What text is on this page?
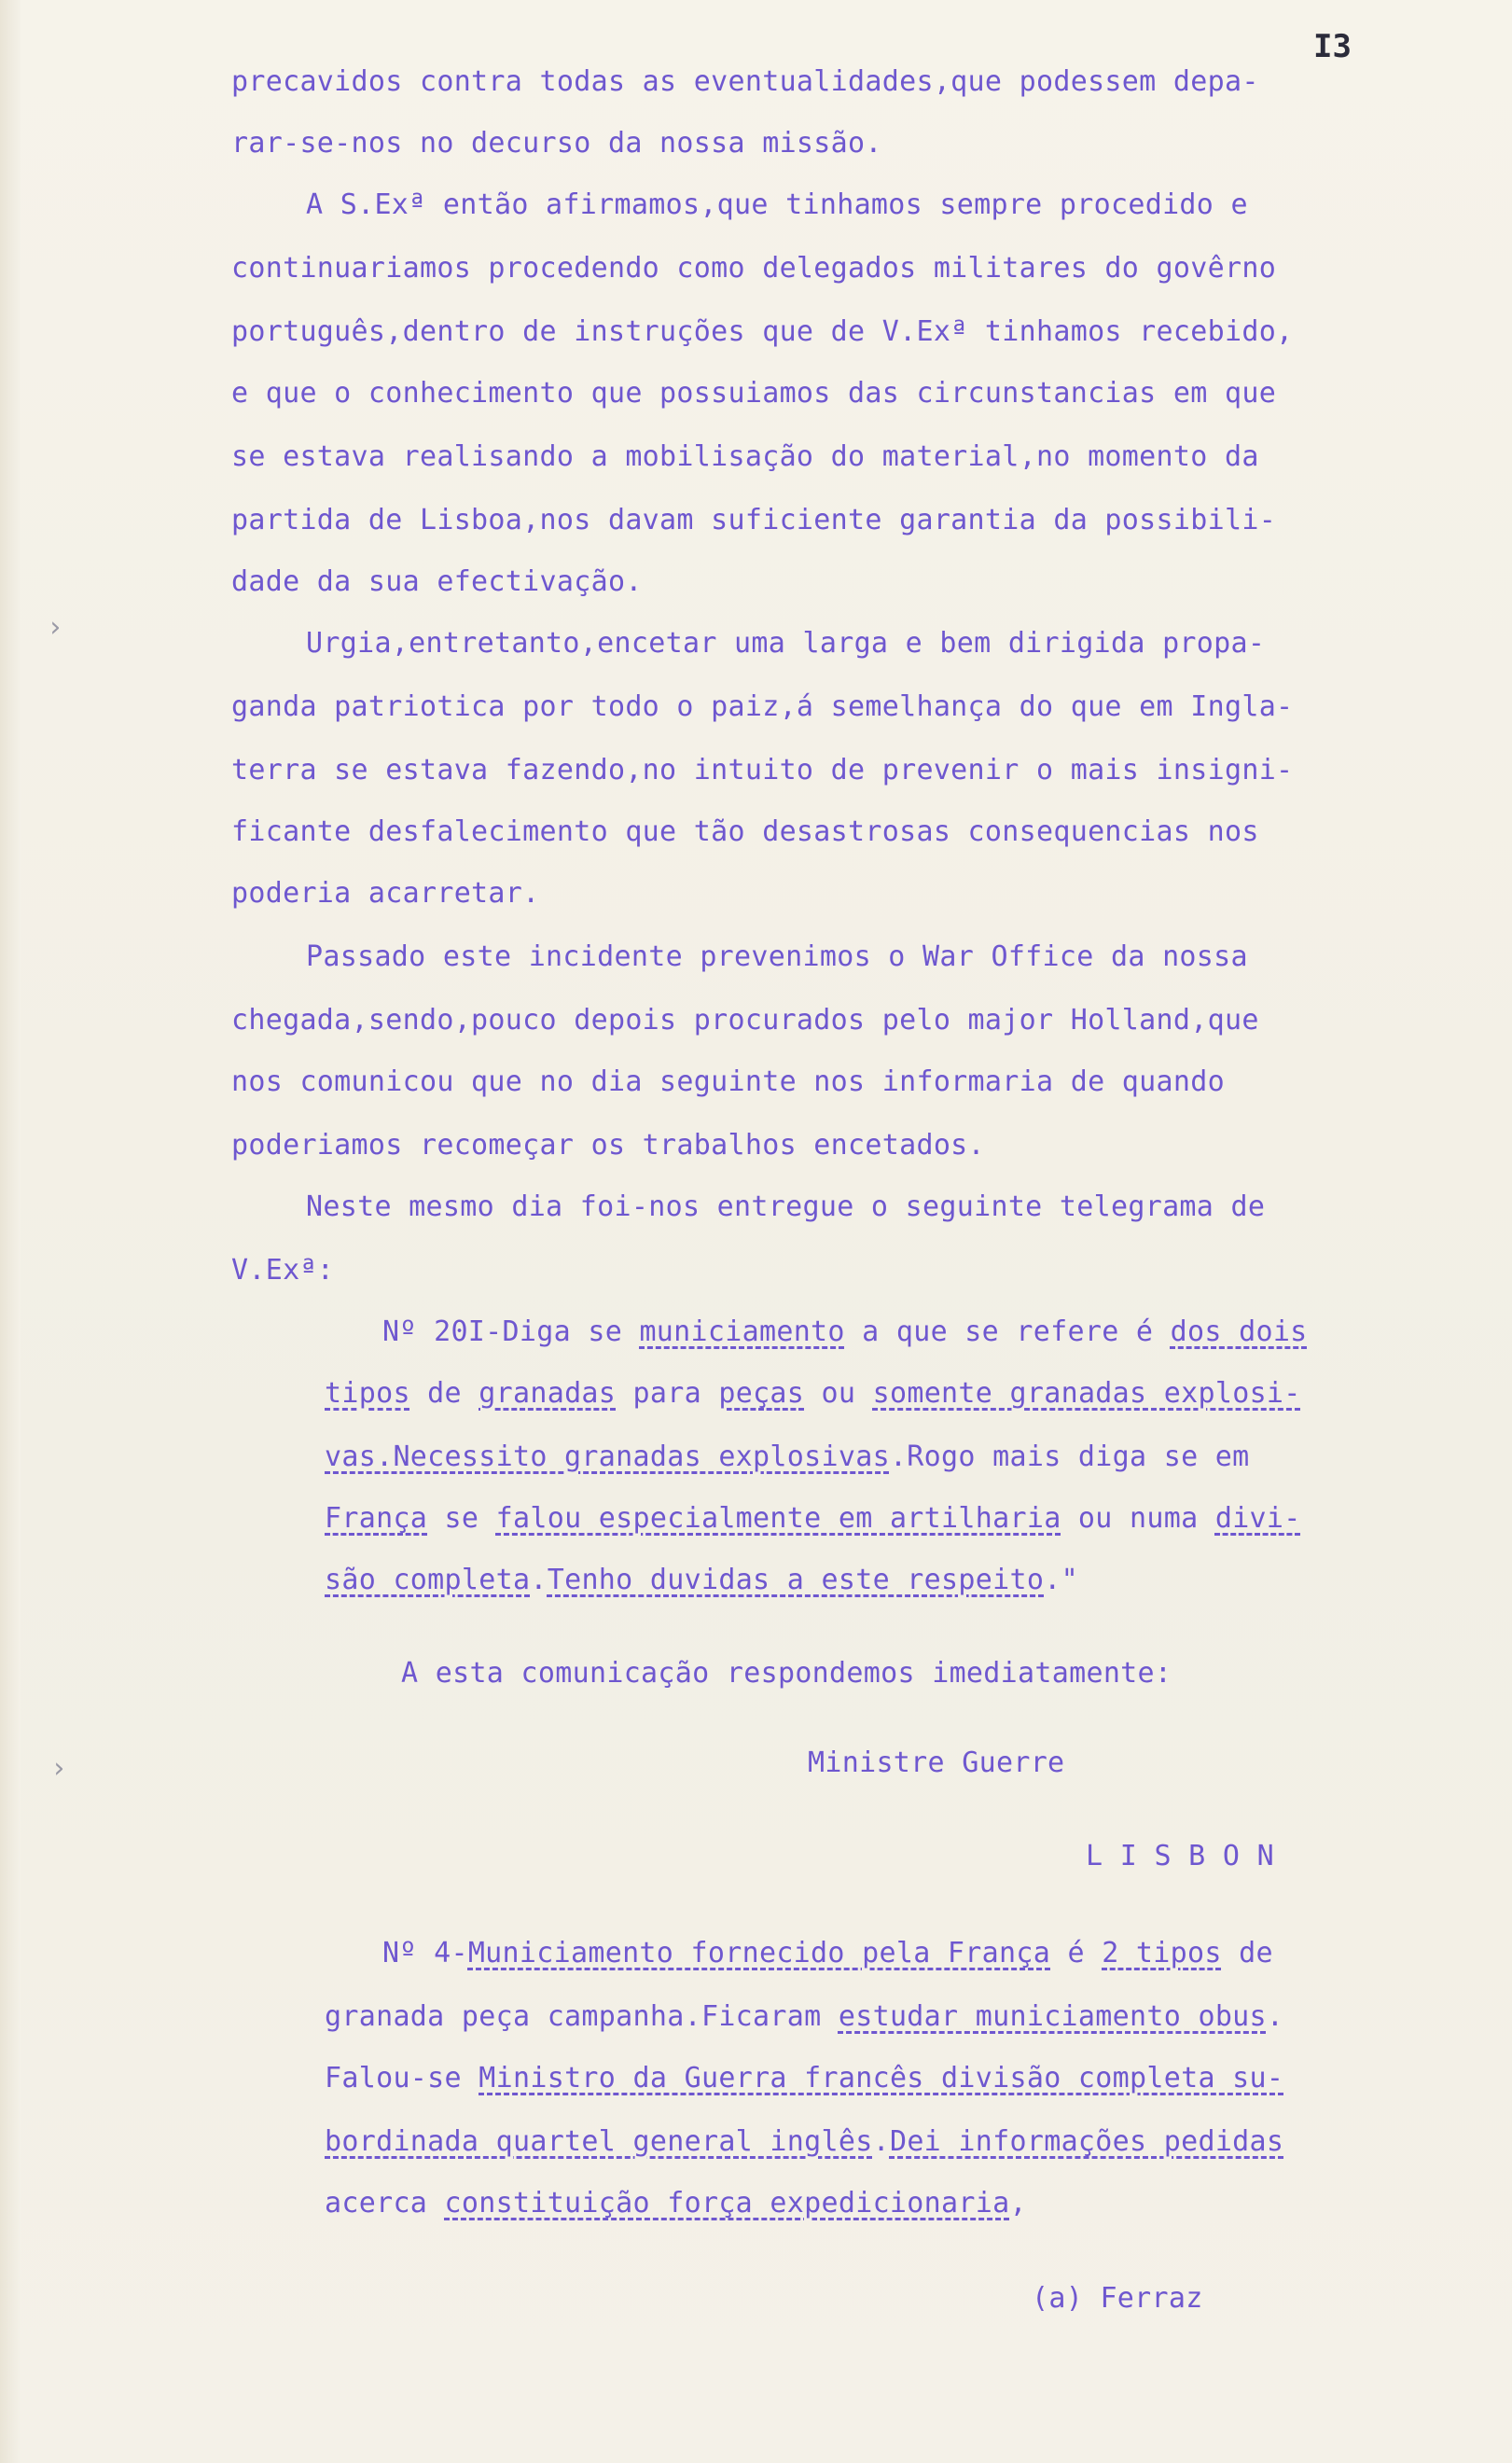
I3
precavidos contra todas as eventualidades,que podessem depa-
rar-se-nos no decurso da nossa missão.
A S.Exª então afirmamos,que tinhamos sempre procedido e
continuariamos procedendo como delegados militares do govêrno
português,dentro de instruções que de V.Exª tinhamos recebido,
e que o conhecimento que possuiamos das circunstancias em que
se estava realisando a mobilisação do material,no momento da
partida de Lisboa,nos davam suficiente garantia da possibili-
dade da sua efectivação.
›	Urgia,entretanto,encetar uma larga e bem dirigida propa-
ganda patriotica por todo o paiz,á semelhança do que em Ingla-
terra se estava fazendo,no intuito de prevenir o mais insigni-
ficante desfalecimento que tão desastrosas consequencias nos
poderia acarretar.
Passado este incidente prevenimos o War Office da nossa
chegada,sendo,pouco depois procurados pelo major Holland,que
nos comunicou que no dia seguinte nos informaria de quando
poderiamos recomeçar os trabalhos encetados.
Neste mesmo dia foi-nos entregue o seguinte telegrama de
V.Exª:
Nº 20I-Diga se municiamento a que se refere é dos dois
tipos de granadas para peças ou somente granadas explosi-
vas.Necessito granadas explosivas.Rogo mais diga se em
França se falou especialmente em artilharia ou numa divi-
são completa.Tenho duvidas a este respeito."
A esta comunicação respondemos imediatamente:
Ministre Guerre
L I S B O N
›
Nº 4-Municiamento fornecido pela França é 2 tipos de
granada peça campanha.Ficaram estudar municiamento obus.
Falou-se Ministro da Guerra francês divisão completa su-
bordinada quartel general inglês.Dei informações pedidas
acerca constituição força expedicionaria,
(a) Ferraz
